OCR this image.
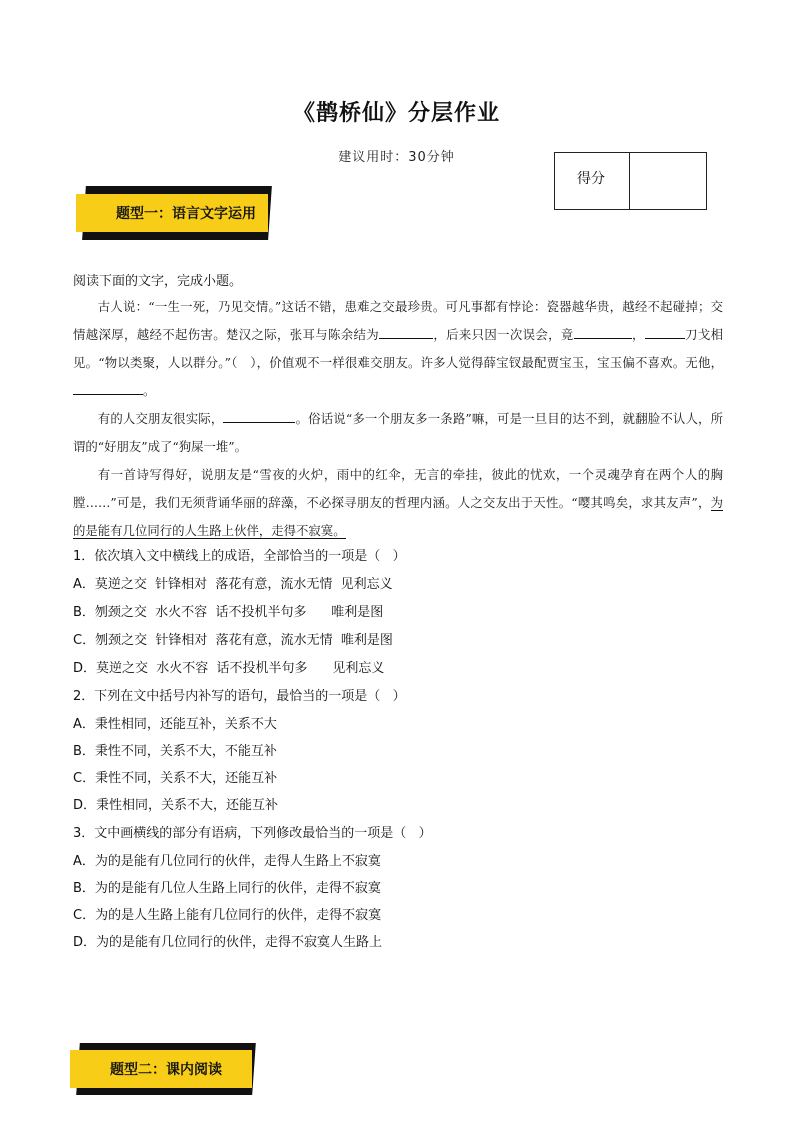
《鹊桥仙》分层作业
建议用时：30分钟
得分
题型一：语言文字运用
阅读下面的文字，完成小题。

古人说：“一生一死，乃见交情。”这话不错，患难之交最珍贵。可凡事都有悖论：瓷器越华贵，越经不起碰掉；交情越深厚，越经不起伤害。楚汉之际，张耳与陈余结为	，后来只因一次误会，竟	，	刀戈相见。“物以类聚，人以群分。”（　），价值观不一样很难交朋友。许多人觉得薛宝钗最配贾宝玉，宝玉偏不喜欢。无他，。

有的人交朋友很实际，	。俗话说“多一个朋友多一条路”嘛，可是一旦目的达不到，就翻脸不认人，所谓的“好朋友”成了“狗屎一堆”。

有一首诗写得好，说朋友是“雪夜的火炉，雨中的红伞，无言的牵挂，彼此的忧欢，一个灵魂孕育在两个人的胸膛……”可是，我们无须背诵华丽的辞藻，不必探寻朋友的哲理内涵。人之交友出于天性。“嘤其鸣矣，求其友声”，为的是能有几位同行的人生路上伙伴，走得不寂寞。

1．依次填入文中横线上的成语，全部恰当的一项是（   ）
A．莫逆之交  针锋相对  落花有意，流水无情  见利忘义
B．刎颈之交  水火不容  话不投机半句多      唯利是图
C．刎颈之交  针锋相对  落花有意，流水无情  唯利是图
D．莫逆之交  水火不容  话不投机半句多      见利忘义
2．下列在文中括号内补写的语句，最恰当的一项是（   ）
A．秉性相同，还能互补，关系不大
B．秉性不同，关系不大，不能互补
C．秉性不同，关系不大，还能互补
D．秉性相同，关系不大，还能互补
3．文中画横线的部分有语病，下列修改最恰当的一项是（   ）
A．为的是能有几位同行的伙伴，走得人生路上不寂寞
B．为的是能有几位人生路上同行的伙伴，走得不寂寞
C．为的是人生路上能有几位同行的伙伴，走得不寂寞
D．为的是能有几位同行的伙伴，走得不寂寞人生路上
题型二：课内阅读
